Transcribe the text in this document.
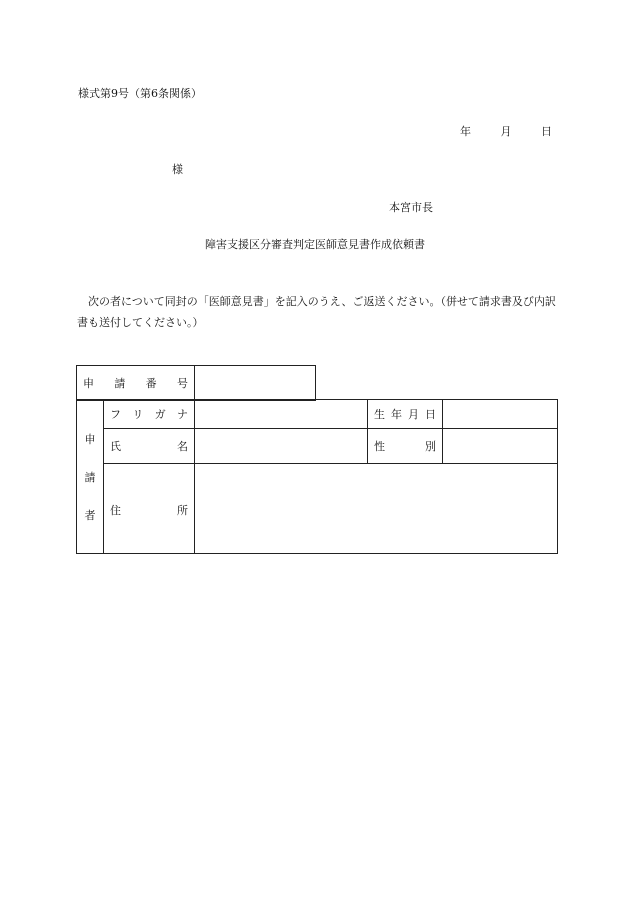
様式第9号（第6条関係）
年	月	日
様
本宮市長
障害支援区分審査判定医師意見書作成依頼書
次の者について同封の「医師意見書」を記入のうえ、ご返送ください。（併せて請求書及び内訳書も送付してください。）
申 請 番 号

申
請
者	フ リ ガ ナ		生 年 月 日	

	氏 名		性 別	

	住 所			
